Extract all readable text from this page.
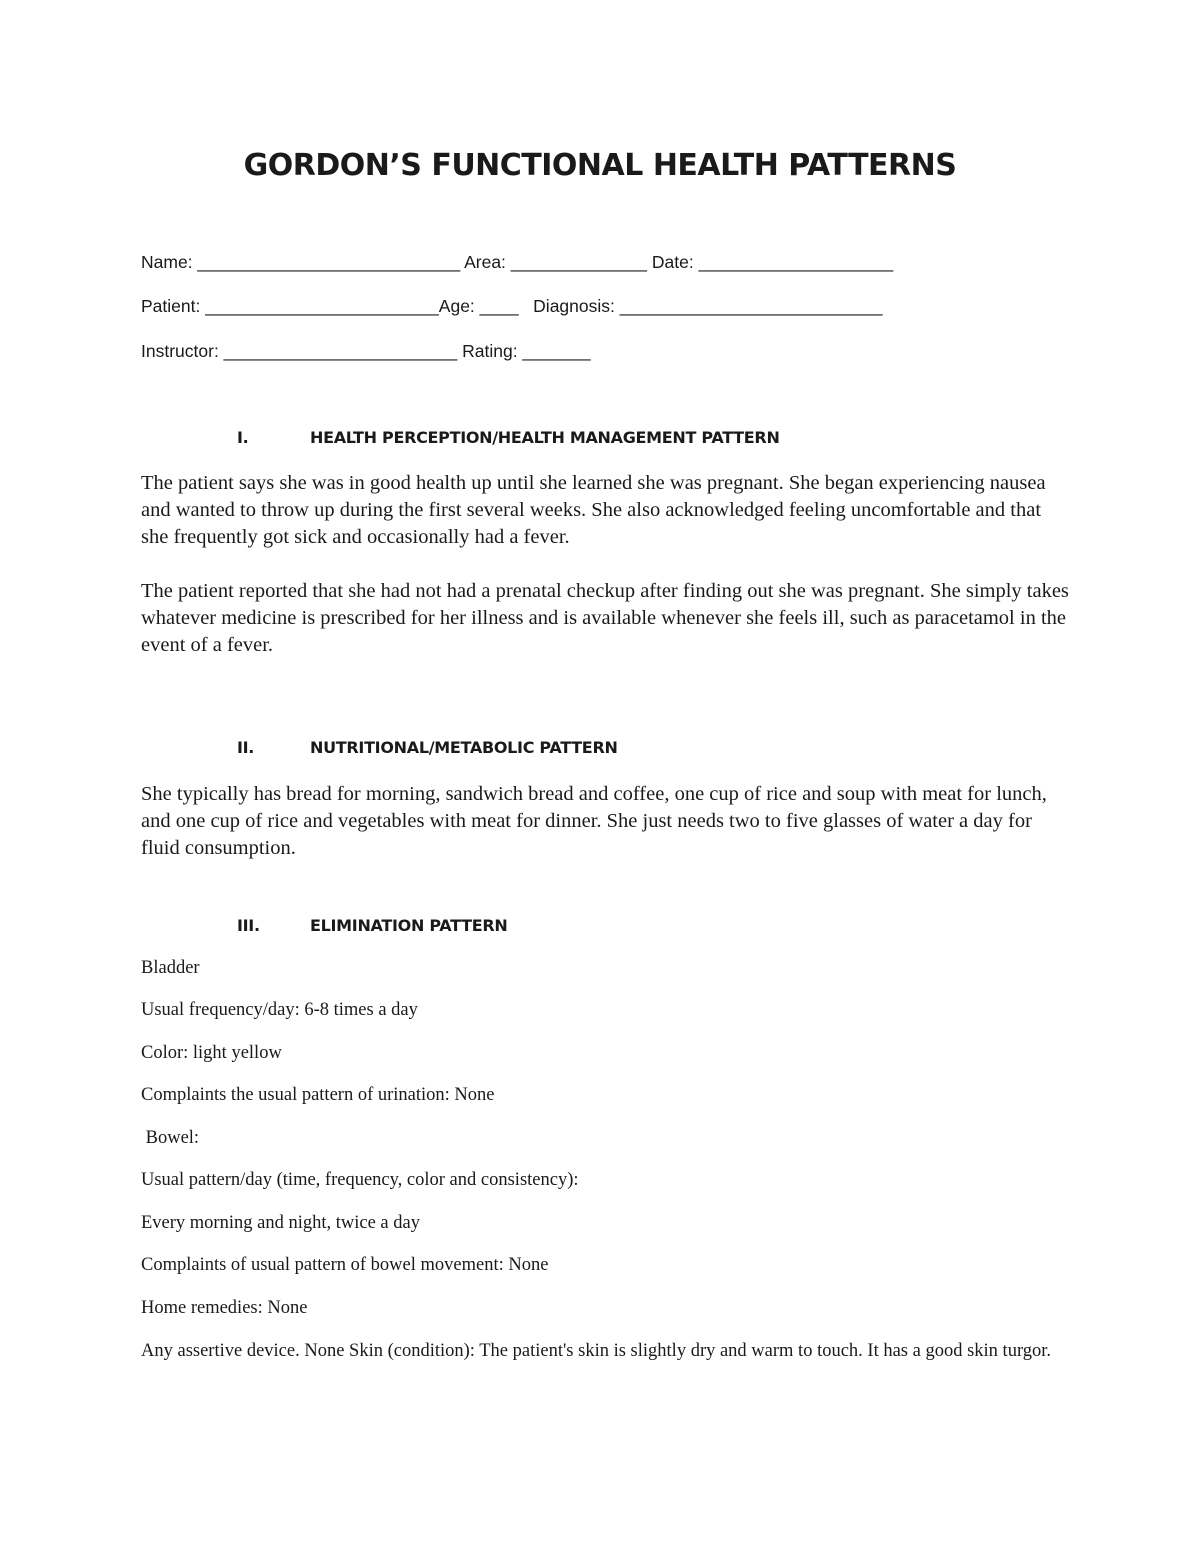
GORDON’S FUNCTIONAL HEALTH PATTERNS

Name: ___________________________ Area: ______________ Date: ____________________

Patient: ________________________Age: ____   Diagnosis: ___________________________

Instructor: ________________________ Rating: _______

I.	HEALTH PERCEPTION/HEALTH MANAGEMENT PATTERN

The patient says she was in good health up until she learned she was pregnant. She began experiencing nausea and wanted to throw up during the first several weeks. She also acknowledged feeling uncomfortable and that she frequently got sick and occasionally had a fever.

The patient reported that she had not had a prenatal checkup after finding out she was pregnant. She simply takes whatever medicine is prescribed for her illness and is available whenever she feels ill, such as paracetamol in the event of a fever.

II.	NUTRITIONAL/METABOLIC PATTERN

She typically has bread for morning, sandwich bread and coffee, one cup of rice and soup with meat for lunch, and one cup of rice and vegetables with meat for dinner. She just needs two to five glasses of water a day for fluid consumption.

III.	ELIMINATION PATTERN

Bladder

Usual frequency/day: 6-8 times a day

Color: light yellow

Complaints the usual pattern of urination: None

Bowel:

Usual pattern/day (time, frequency, color and consistency):

Every morning and night, twice a day

Complaints of usual pattern of bowel movement: None

Home remedies: None

Any assertive device. None Skin (condition): The patient's skin is slightly dry and warm to touch. It has a good skin turgor.
